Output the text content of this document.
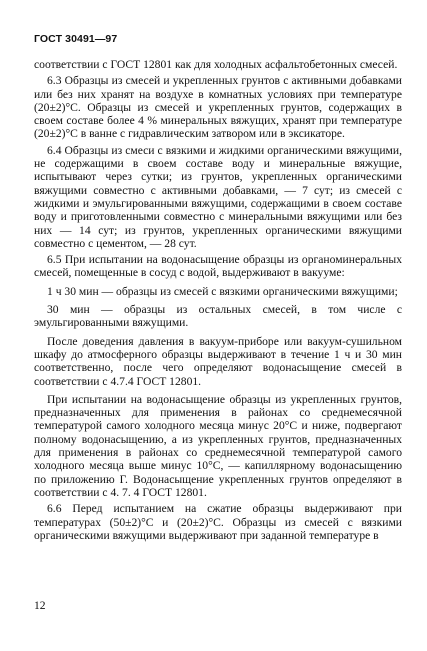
ГОСТ 30491—97

соответствии с ГОСТ 12801 как для холодных асфальтобетонных смесей.

6.3 Образцы из смесей и укрепленных грунтов с активными добавками или без них хранят на воздухе в комнатных условиях при температуре (20±2)°С. Образцы из смесей и укрепленных грунтов, содержащих в своем составе более 4 % минеральных вяжущих, хранят при температуре (20±2)°С в ванне с гидравлическим затвором или в эксикаторе.

6.4 Образцы из смеси с вязкими и жидкими органическими вяжущими, не содержащими в своем составе воду и минеральные вяжущие, испытывают через сутки; из грунтов, укрепленных органическими вяжущими совместно с активными добавками, — 7 сут; из смесей с жидкими и эмульгированными вяжущими, содержащими в своем составе воду и приготовленными совместно с минеральными вяжущими или без них — 14 сут; из грунтов, укрепленных органическими вяжущими совместно с цементом, — 28 сут.

6.5 При испытании на водонасыщение образцы из органоминеральных смесей, помещенные в сосуд с водой, выдерживают в вакууме:

1 ч 30 мин — образцы из смесей с вязкими органическими вяжущими;

30 мин — образцы из остальных смесей, в том числе с эмульгированными вяжущими.

После доведения давления в вакуум-приборе или вакуум-сушильном шкафу до атмосферного образцы выдерживают в течение 1 ч и 30 мин соответственно, после чего определяют водонасыщение смесей в соответствии с 4.7.4 ГОСТ 12801.

При испытании на водонасыщение образцы из укрепленных грунтов, предназначенных для применения в районах со среднемесячной температурой самого холодного месяца минус 20°С и ниже, подвергают полному водонасыщению, а из укрепленных грунтов, предназначенных для применения в районах со среднемесячной температурой самого холодного месяца выше минус 10°С, — капиллярному водонасыщению по приложению Г. Водонасыщение укрепленных грунтов определяют в соответствии с 4. 7. 4 ГОСТ 12801.

6.6 Перед испытанием на сжатие образцы выдерживают при температурах (50±2)°С и (20±2)°С. Образцы из смесей с вязкими органическими вяжущими выдерживают при заданной температуре в

12
